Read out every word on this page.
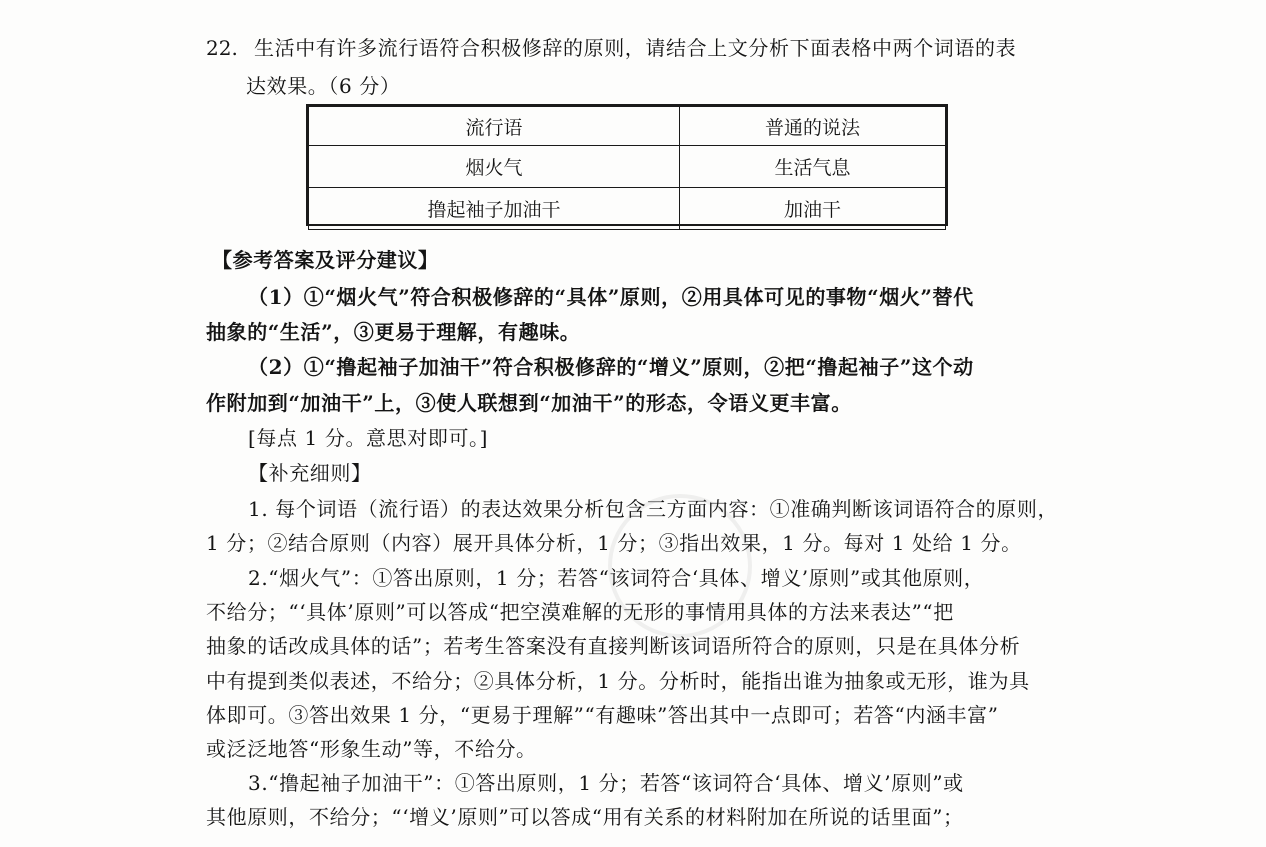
22. 生活中有许多流行语符合积极修辞的原则，请结合上文分析下面表格中两个词语的表
达效果。（6 分）
流行语	普通的说法
烟火气	生活气息
撸起袖子加油干	加油干
【参考答案及评分建议】
（1）①“烟火气”符合积极修辞的“具体”原则，②用具体可见的事物“烟火”替代
抽象的“生活”，③更易于理解，有趣味。
（2）①“撸起袖子加油干”符合积极修辞的“增义”原则，②把“撸起袖子”这个动
作附加到“加油干”上，③使人联想到“加油干”的形态，令语义更丰富。
[每点 1 分。意思对即可。]
【补充细则】
1. 每个词语（流行语）的表达效果分析包含三方面内容：①准确判断该词语符合的原则，
1 分；②结合原则（内容）展开具体分析，1 分；③指出效果，1 分。每对 1 处给 1 分。
2.“烟火气”：①答出原则，1 分；若答“该词符合‘具体、增义’原则”或其他原则，
不给分；“‘具体’原则”可以答成“把空漠难解的无形的事情用具体的方法来表达”“把
抽象的话改成具体的话”；若考生答案没有直接判断该词语所符合的原则，只是在具体分析
中有提到类似表述，不给分；②具体分析，1 分。分析时，能指出谁为抽象或无形，谁为具
体即可。③答出效果 1 分，“更易于理解”“有趣味”答出其中一点即可；若答“内涵丰富”
或泛泛地答“形象生动”等，不给分。
3.“撸起袖子加油干”：①答出原则，1 分；若答“该词符合‘具体、增义’原则”或
其他原则，不给分；“‘增义’原则”可以答成“用有关系的材料附加在所说的话里面”；
